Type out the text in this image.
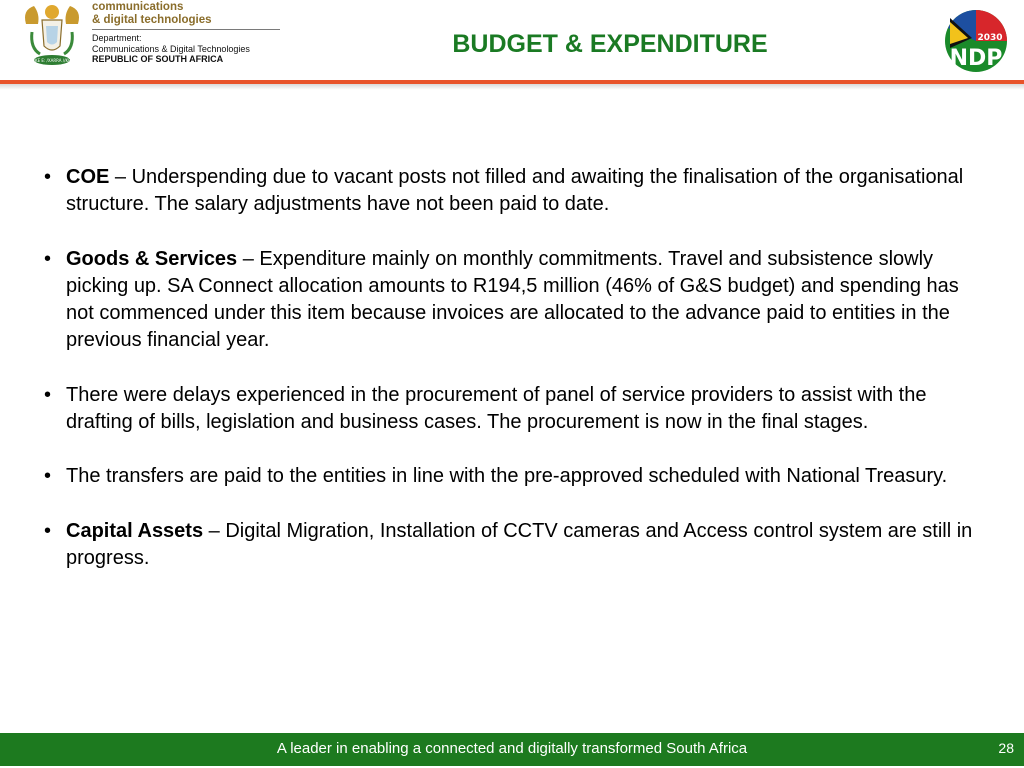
!KE E: /XARRA //KE
communications
& digital technologies
Department:
Communications & Digital Technologies
REPUBLIC OF SOUTH AFRICA
BUDGET & EXPENDITURE	2030
NDP
• COE – Underspending due to vacant posts not filled and awaiting the finalisation of the organisational structure. The salary adjustments have not been paid to date.
• Goods & Services – Expenditure mainly on monthly commitments. Travel and subsistence slowly picking up. SA Connect allocation amounts to R194,5 million (46% of G&S budget) and spending has not commenced under this item because invoices are allocated to the advance paid to entities in the previous financial year.
• There were delays experienced in the procurement of panel of service providers to assist with the drafting of bills, legislation and business cases. The procurement is now in the final stages.
• The transfers are paid to the entities in line with the pre-approved scheduled with National Treasury.
• Capital Assets – Digital Migration, Installation of CCTV cameras and Access control system are still in progress.
A leader in enabling a connected and digitally transformed South Africa	28
